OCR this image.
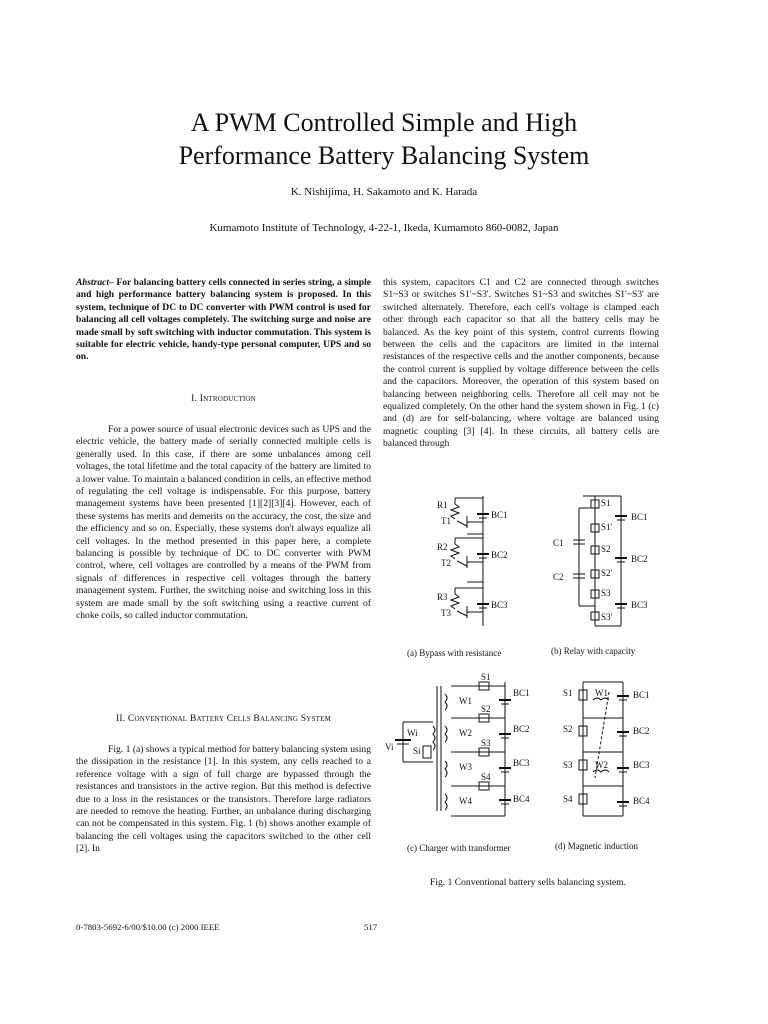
A PWM Controlled Simple and High
Performance Battery Balancing System
K. Nishijima, H. Sakamoto and K. Harada
Kumamoto Institute of Technology, 4-22-1, Ikeda, Kumamoto 860-0082, Japan

Abstract– For balancing battery cells connected in series string, a simple and high performance battery balancing system is proposed. In this system, technique of DC to DC converter with PWM control is used for balancing all cell voltages completely. The switching surge and noise are made small by soft switching with inductor commutation. This system is suitable for electric vehicle, handy-type personal computer, UPS and so on.

I. Introduction

For a power source of usual electronic devices such as UPS and the electric vehicle, the battery made of serially connected multiple cells is generally used. In this case, if there are some unbalances among cell voltages, the total lifetime and the total capacity of the battery are limited to a lower value. To maintain a balanced condition in cells, an effective method of regulating the cell voltage is indispensable. For this purpose, battery management systems have been presented [1][2][3][4]. However, each of these systems has merits and demerits on the accuracy, the cost, the size and the efficiency and so on. Especially, these systems don't always equalize all cell voltages. In the method presented in this paper here, a complete balancing is possible by technique of DC to DC converter with PWM control, where, cell voltages are controlled by a means of the PWM from signals of differences in respective cell voltages through the battery management system. Further, the switching noise and switching loss in this system are made small by the soft switching using a reactive current of choke coils, so called inductor commutation.

II. Conventional Battery Cells Balancing System

Fig. 1 (a) shows a typical method for battery balancing system using the dissipation in the resistance [1]. In this system, any cells reached to a reference voltage with a sign of full charge are bypassed through the resistances and transistors in the active region. But this method is defective due to a loss in the resistances or the transistors. Therefore large radiators are needed to remove the heating. Further, an unbalance during discharging can not be compensated in this system. Fig. 1 (b) shows another example of balancing the cell voltages using the capacitors switched to the other cell [2]. In

this system, capacitors C1 and C2 are connected through switches S1~S3 or switches S1'~S3'. Switches S1~S3 and switches S1'~S3' are switched alternately. Therefore, each cell's voltage is clamped each other through each capacitor so that all the battery cells may be balanced. As the key point of this system, control currents flowing between the cells and the capacitors are limited in the internal resistances of the respective cells and the another components, because the control current is supplied by voltage difference between the cells and the capacitors. Moreover, the operation of this system based on balancing between neighboring cells. Therefore all cell may not be equalized completely. On the other hand the system shown in Fig. 1 (c) and (d) are for self-balancing, where voltage are balanced using magnetic coupling [3] [4]. In these circuits, all battery cells are balanced through

R1
T1
R2
T2
R3
T3
BC1
BC2
BC3
S1
S1'
S2
S2'
S3
S3'
C1
C2
BC1
BC2
BC3
S1
S2
S3
S4
W1
W2
W3
W4
Wi
Si
Vi
BC1
BC2
BC3
BC4
S1
S2
S3
S4
W1
W2
BC1
BC2
BC3
BC4
(a) Bypass with resistance	(b) Relay with capacity
(c) Charger with transformer	(d) Magnetic induction
Fig. 1 Conventional battery sells balancing system.
0-7803-5692-6/00/$10.00 (c) 2000 IEEE	517
